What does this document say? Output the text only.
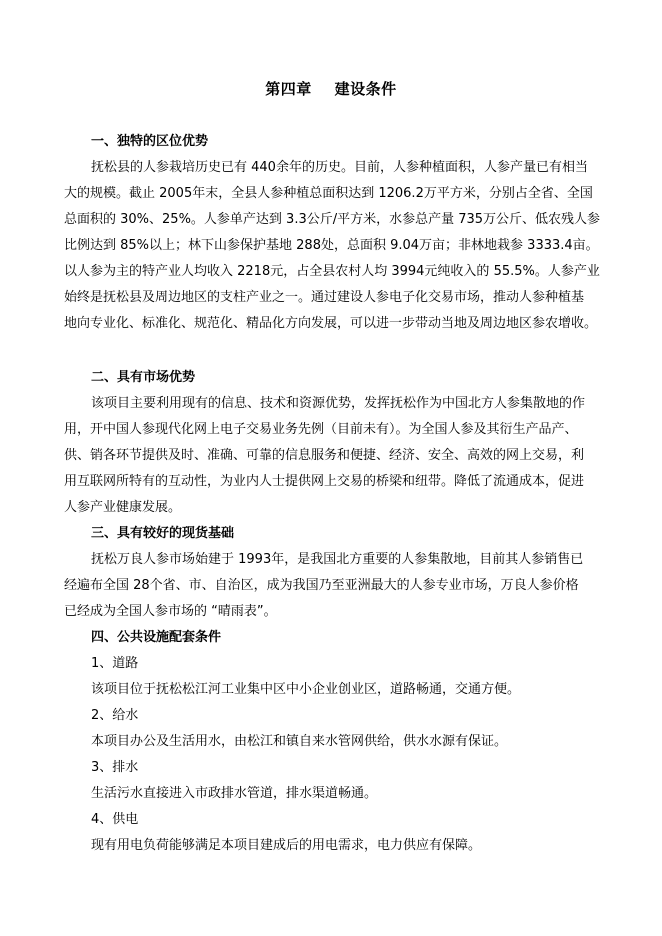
第四章    建设条件
一、独特的区位优势
抚松县的人参栽培历史已有 440余年的历史。目前，人参种植面积，人参产量已有相当
大的规模。截止 2005年末，全县人参种植总面积达到 1206.2万平方米，分别占全省、全国
总面积的 30%、25%。人参单产达到 3.3公斤/平方米，水参总产量 735万公斤、低农残人参
比例达到 85%以上；林下山参保护基地 288处，总面积 9.04万亩；非林地栽参 3333.4亩。
以人参为主的特产业人均收入 2218元，占全县农村人均 3994元纯收入的 55.5%。人参产业
始终是抚松县及周边地区的支柱产业之一。通过建设人参电子化交易市场，推动人参种植基
地向专业化、标准化、规范化、精品化方向发展，可以进一步带动当地及周边地区参农增收。
二、具有市场优势
该项目主要利用现有的信息、技术和资源优势，发挥抚松作为中国北方人参集散地的作
用，开中国人参现代化网上电子交易业务先例（目前未有）。为全国人参及其衍生产品产、
供、销各环节提供及时、准确、可靠的信息服务和便捷、经济、安全、高效的网上交易，利
用互联网所特有的互动性，为业内人士提供网上交易的桥梁和纽带。降低了流通成本，促进
人参产业健康发展。
三、具有较好的现货基础
抚松万良人参市场始建于 1993年，是我国北方重要的人参集散地，目前其人参销售已
经遍布全国 28个省、市、自治区，成为我国乃至亚洲最大的人参专业市场，万良人参价格
已经成为全国人参市场的 “晴雨表”。
四、公共设施配套条件
1、道路
该项目位于抚松松江河工业集中区中小企业创业区，道路畅通，交通方便。
2、给水
本项目办公及生活用水，由松江和镇自来水管网供给，供水水源有保证。
3、排水
生活污水直接进入市政排水管道，排水渠道畅通。
4、供电
现有用电负荷能够满足本项目建成后的用电需求，电力供应有保障。
